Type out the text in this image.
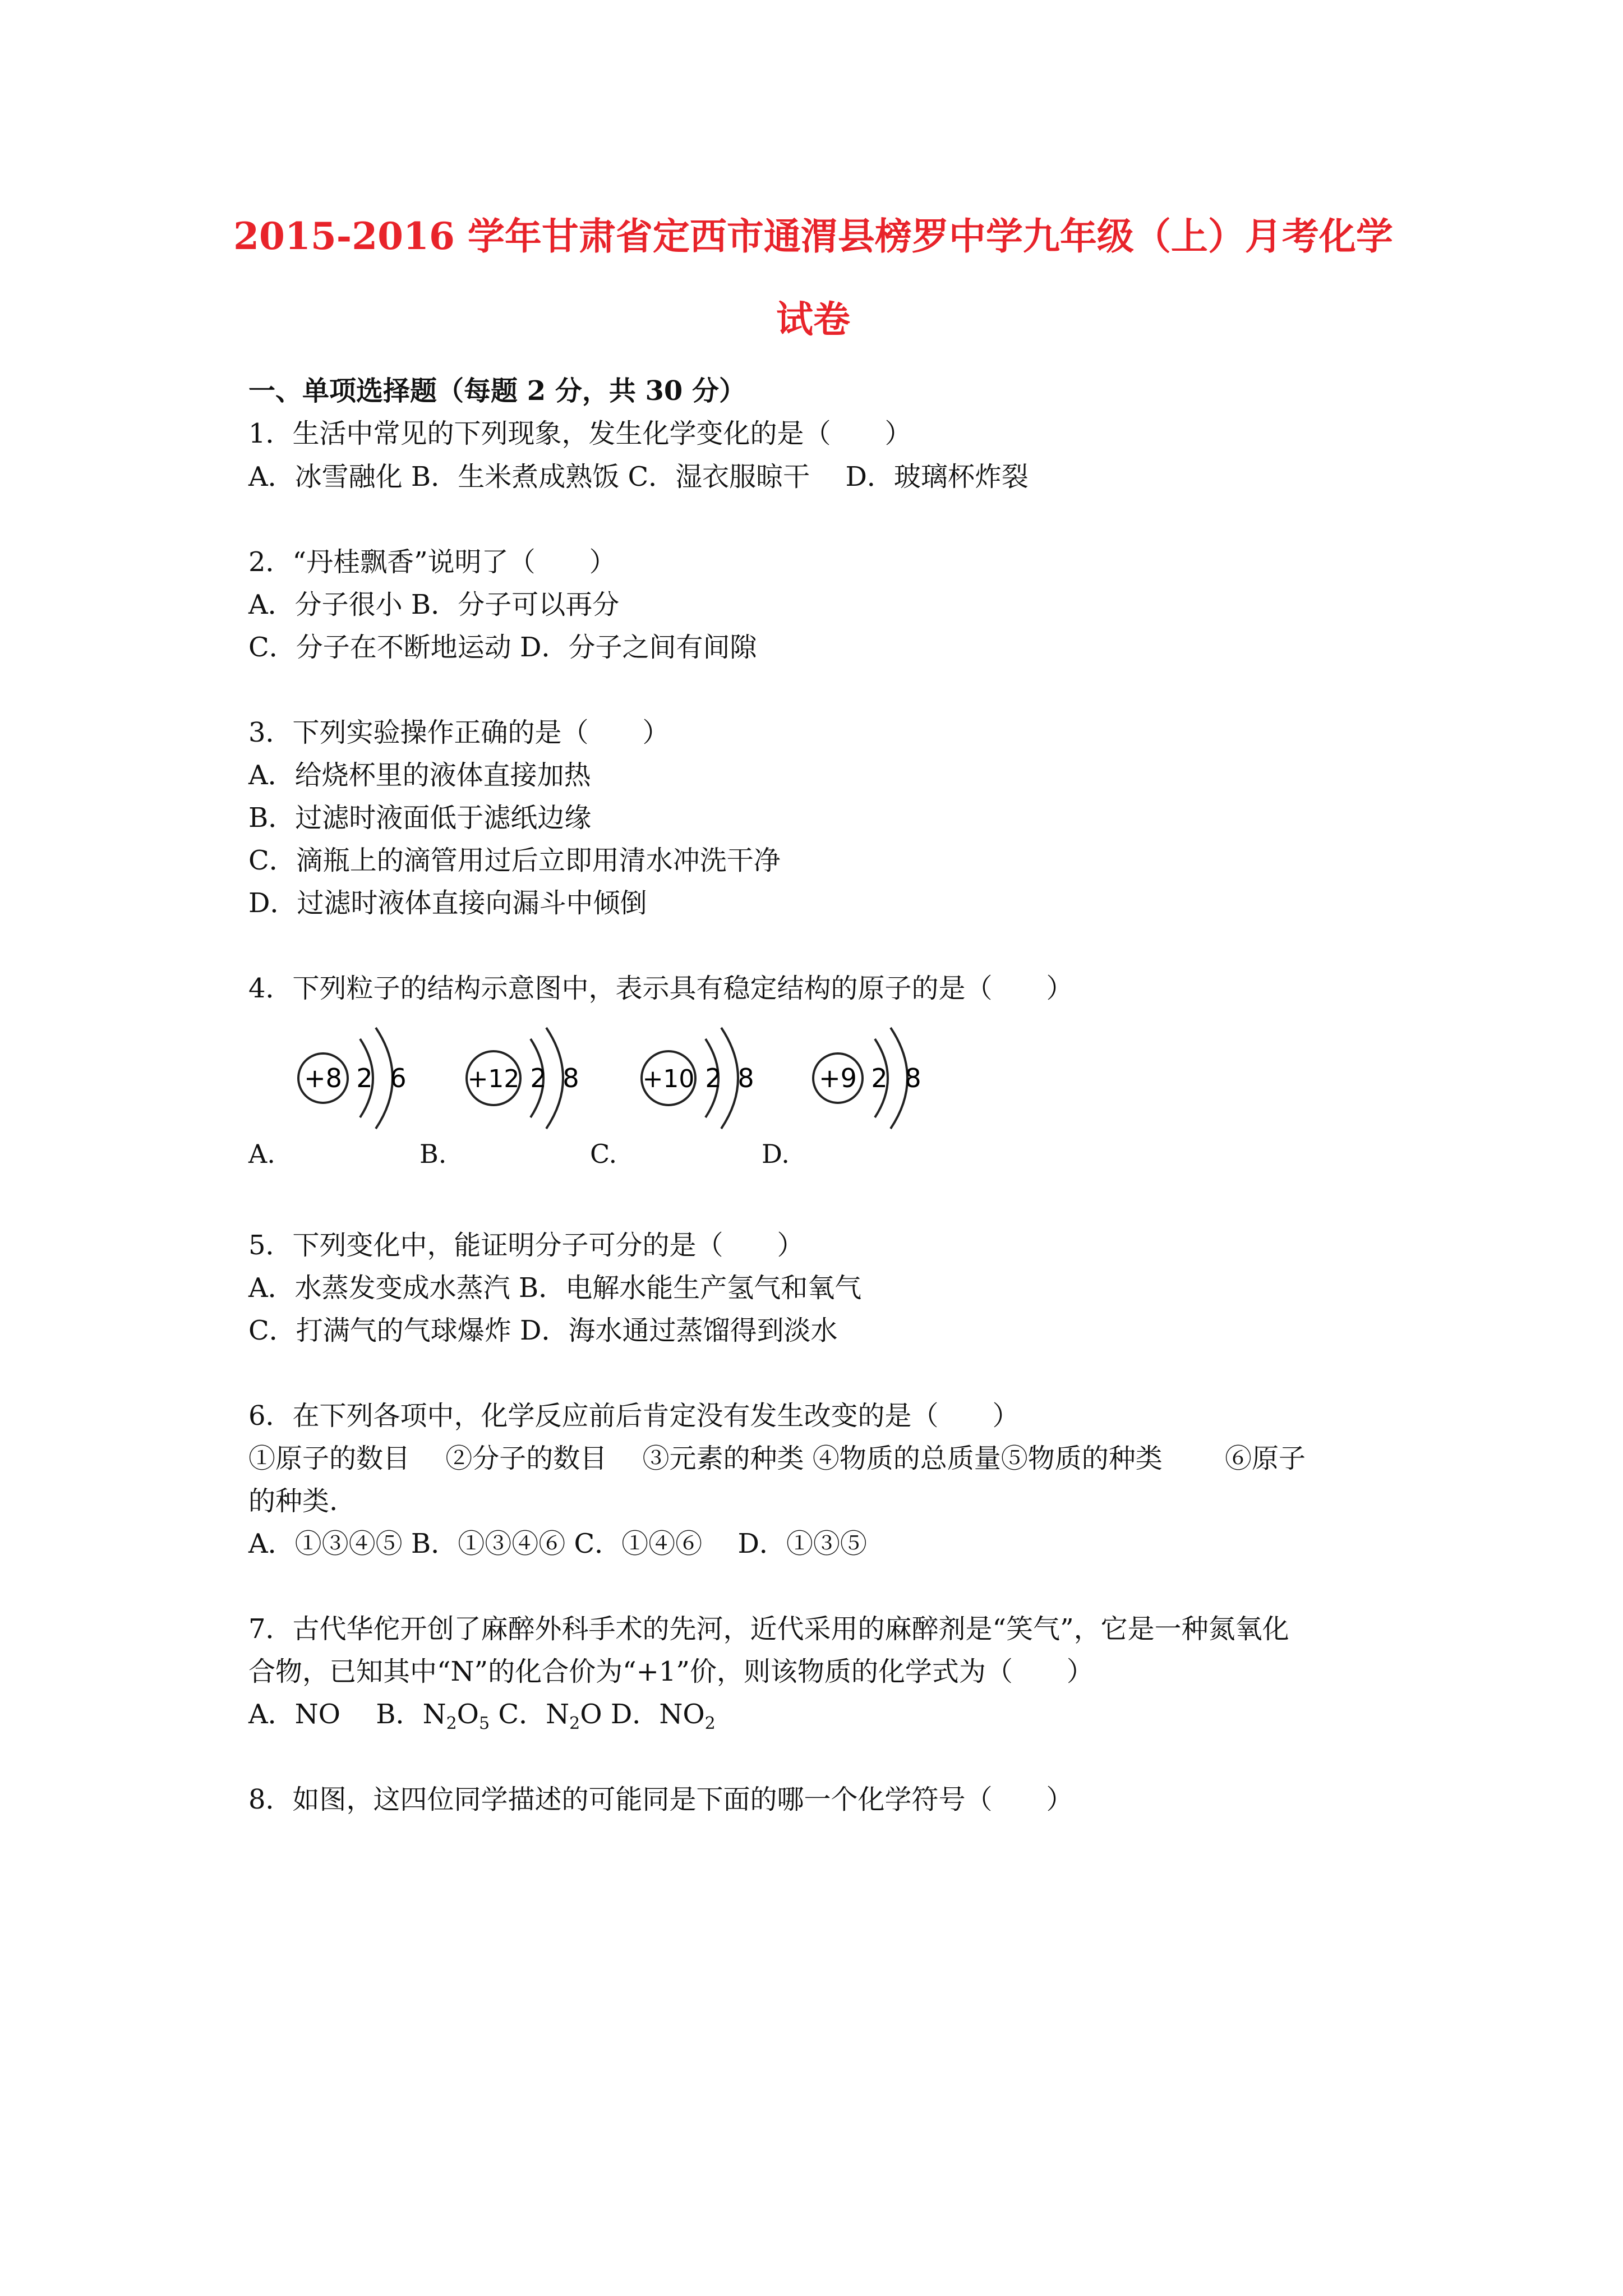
2015-2016 学年甘肃省定西市通渭县榜罗中学九年级（上）月考化学
试卷
一、单项选择题（每题 2 分，共 30 分）
1．生活中常见的下列现象，发生化学变化的是（　　）
A．冰雪融化 B．生米煮成熟饭 C．湿衣服晾干　 D．玻璃杯炸裂
2．“丹桂飘香”说明了（　　）
A．分子很小 B．分子可以再分
C．分子在不断地运动 D．分子之间有间隙
3．下列实验操作正确的是（　　）
A．给烧杯里的液体直接加热
B．过滤时液面低于滤纸边缘
C．滴瓶上的滴管用过后立即用清水冲洗干净
D．过滤时液体直接向漏斗中倾倒
4．下列粒子的结构示意图中，表示具有稳定结构的原子的是（　　）
+8 2 6 +12 2 8	+10 2 8	+9 2 8
A.	B.	C.	D.
5．下列变化中，能证明分子可分的是（　　）
A．水蒸发变成水蒸汽 B．电解水能生产氢气和氧气
C．打满气的气球爆炸 D．海水通过蒸馏得到淡水
6．在下列各项中，化学反应前后肯定没有发生改变的是（　　）
①原子的数目　 ②分子的数目　 ③元素的种类 ④物质的总质量⑤物质的种类　　 ⑥原子
的种类.
A．①③④⑤ B．①③④⑥ C．①④⑥　 D．①③⑤
7．古代华佗开创了麻醉外科手术的先河，近代采用的麻醉剂是“笑气”，它是一种氮氧化
合物，已知其中“N”的化合价为“+1”价，则该物质的化学式为（　　）
A．NO　 B．$N_2O_5$ C．$N_2O$ D．$NO_2$
8．如图，这四位同学描述的可能同是下面的哪一个化学符号（　　）
